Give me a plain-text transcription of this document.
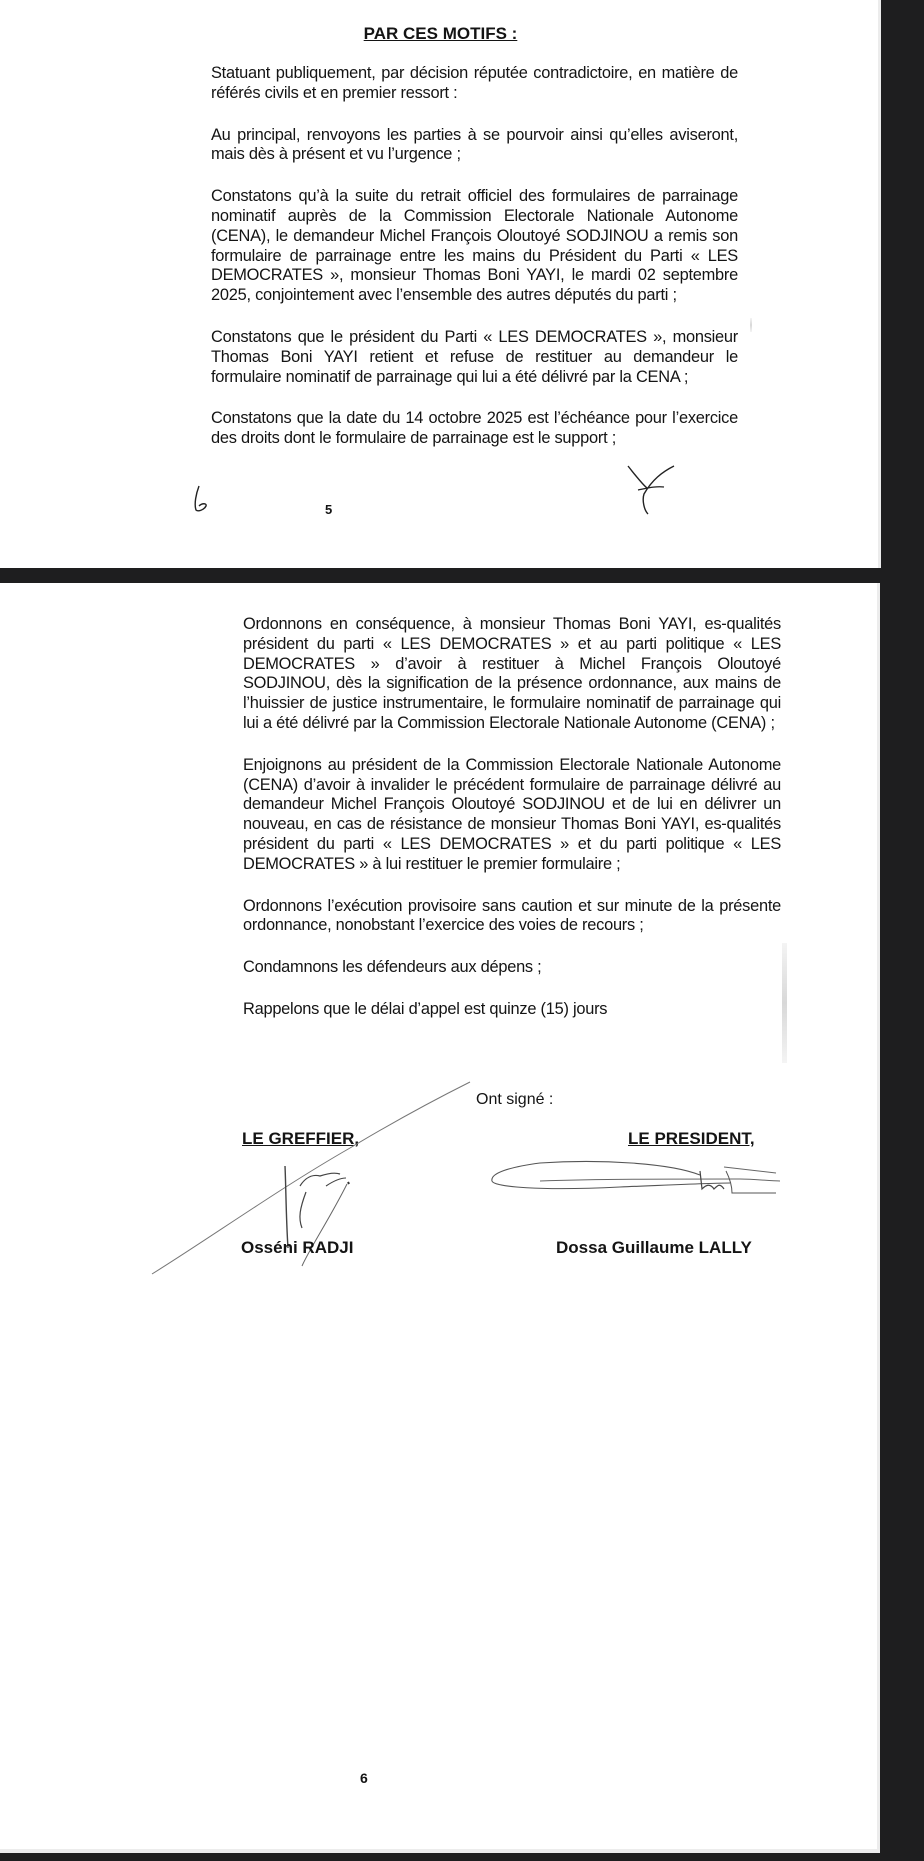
PAR CES MOTIFS :

Statuant publiquement, par décision réputée contradictoire, en matière de référés civils et en premier ressort :

Au principal, renvoyons les parties à se pourvoir ainsi qu’elles aviseront, mais dès à présent et vu l’urgence ;

Constatons qu’à la suite du retrait officiel des formulaires de parrainage nominatif auprès de la Commission Electorale Nationale Autonome (CENA), le demandeur Michel François Oloutoyé SODJINOU a remis son formulaire de parrainage entre les mains du Président du Parti « LES DEMOCRATES », monsieur Thomas Boni YAYI, le mardi 02 septembre 2025, conjointement avec l’ensemble des autres députés du parti ;

Constatons que le président du Parti « LES DEMOCRATES », monsieur Thomas Boni YAYI retient et refuse de restituer au demandeur le formulaire nominatif de parrainage qui lui a été délivré par la CENA ;

Constatons que la date du 14 octobre 2025 est l’échéance pour l’exercice des droits dont le formulaire de parrainage est le support ;

5

Ordonnons en conséquence, à monsieur Thomas Boni YAYI, es-qualités président du parti « LES DEMOCRATES » et au parti politique « LES DEMOCRATES » d’avoir à restituer à Michel François Oloutoyé SODJINOU, dès la signification de la présence ordonnance, aux mains de l’huissier de justice instrumentaire, le formulaire nominatif de parrainage qui lui a été délivré par la Commission Electorale Nationale Autonome (CENA) ;

Enjoignons au président de la Commission Electorale Nationale Autonome (CENA) d’avoir à invalider le précédent formulaire de parrainage délivré au demandeur Michel François Oloutoyé SODJINOU et de lui en délivrer un nouveau, en cas de résistance de monsieur Thomas Boni YAYI, es-qualités président du parti « LES DEMOCRATES » et du parti politique « LES DEMOCRATES » à lui restituer le premier formulaire ;

Ordonnons l’exécution provisoire sans caution et sur minute de la présente ordonnance, nonobstant l’exercice des voies de recours ;

Condamnons les défendeurs aux dépens ;

Rappelons que le délai d’appel est quinze (15) jours

Ont signé :
LE GREFFIER,	LE PRESIDENT,
Osséni RADJI	Dossa Guillaume LALLY
6
